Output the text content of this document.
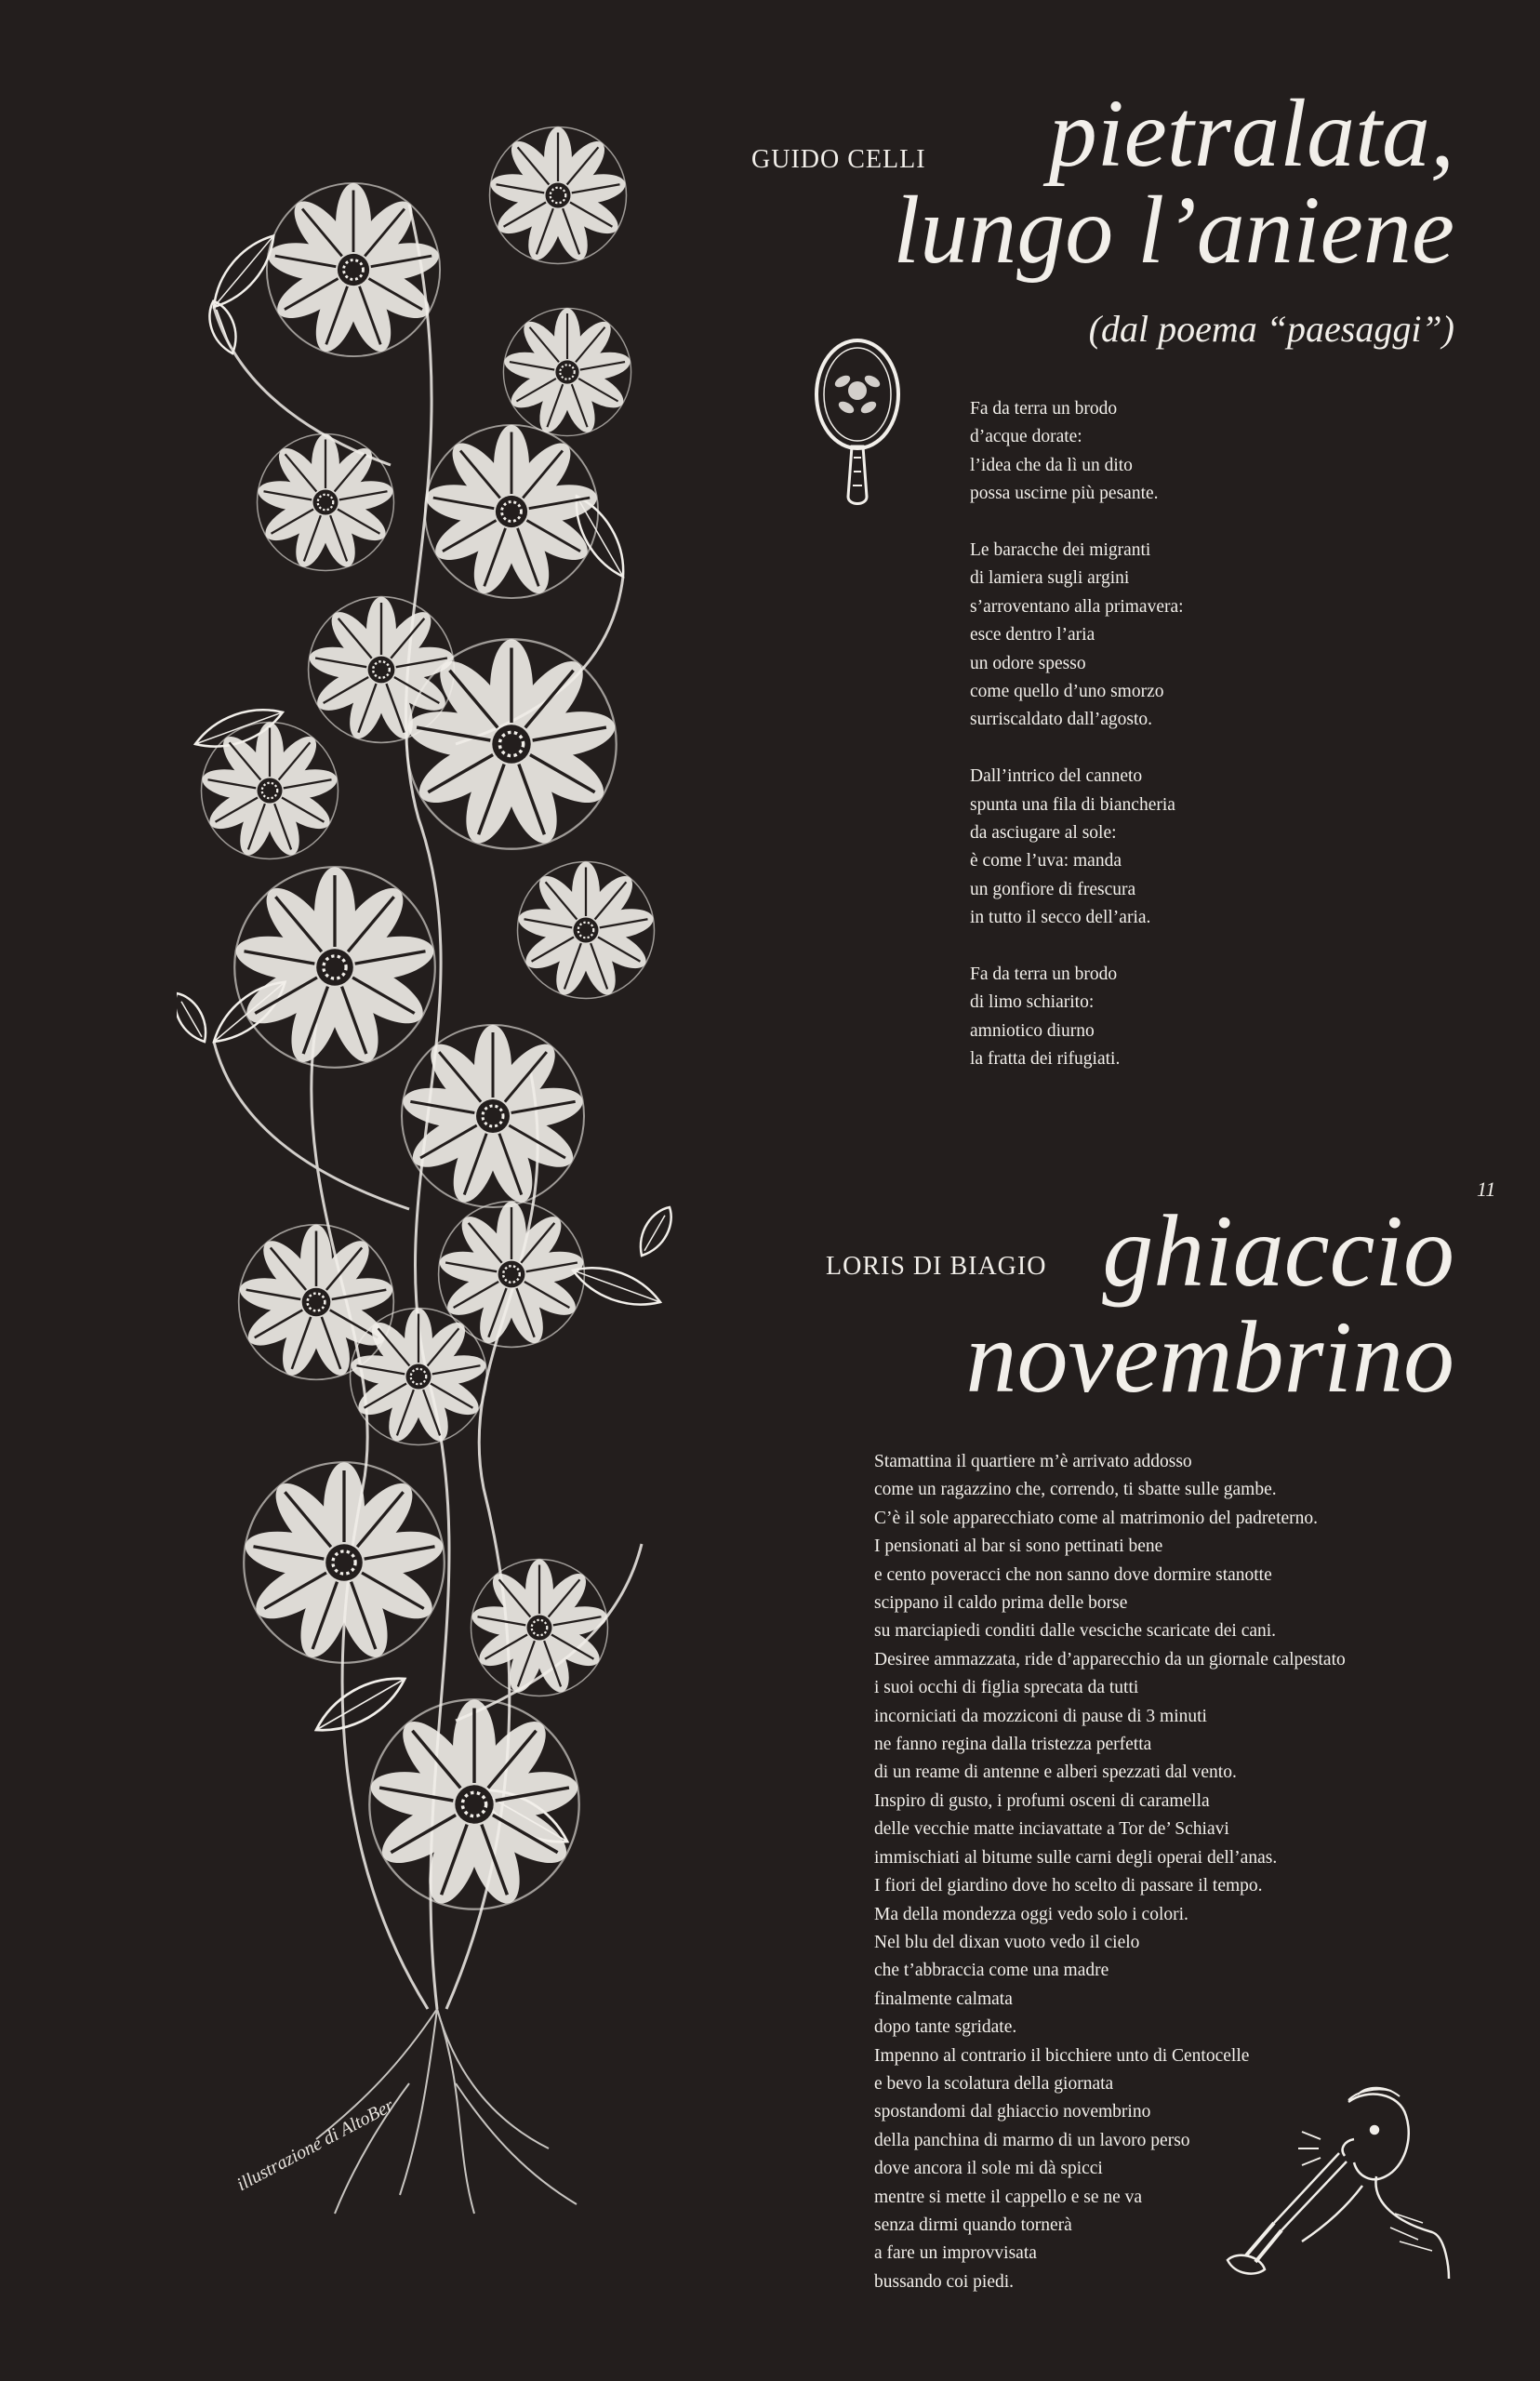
illustrazione di AltoBer
GUIDO CELLI	pietralata,
lungo l’aniene
(dal poema “paesaggi”)
Fa da terra un brodo
d’acque dorate:
l’idea che da lì un dito
possa uscirne più pesante.
Le baracche dei migranti
di lamiera sugli argini
s’arroventano alla primavera:
esce dentro l’aria
un odore spesso
come quello d’uno smorzo
surriscaldato dall’agosto.
Dall’intrico del canneto
spunta una fila di biancheria
da asciugare al sole:
è come l’uva: manda
un gonfiore di frescura
in tutto il secco dell’aria.
Fa da terra un brodo
di limo schiarito:
amniotico diurno
la fratta dei rifugiati.
11
LORIS DI BIAGIO ghiaccio
novembrino
Stamattina il quartiere m’è arrivato addosso
come un ragazzino che, correndo, ti sbatte sulle gambe.
C’è il sole apparecchiato come al matrimonio del padreterno.
I pensionati al bar si sono pettinati bene
e cento poveracci che non sanno dove dormire stanotte
scippano il caldo prima delle borse
su marciapiedi conditi dalle vesciche scaricate dei cani.
Desiree ammazzata, ride d’apparecchio da un giornale calpestato
i suoi occhi di figlia sprecata da tutti
incorniciati da mozziconi di pause di 3 minuti
ne fanno regina dalla tristezza perfetta
di un reame di antenne e alberi spezzati dal vento.
Inspiro di gusto, i profumi osceni di caramella
delle vecchie matte inciavattate a Tor de’ Schiavi
immischiati al bitume sulle carni degli operai dell’anas.
I fiori del giardino dove ho scelto di passare il tempo.
Ma della mondezza oggi vedo solo i colori.
Nel blu del dixan vuoto vedo il cielo
che t’abbraccia come una madre
finalmente calmata
dopo tante sgridate.
Impenno al contrario il bicchiere unto di Centocelle
e bevo la scolatura della giornata
spostandomi dal ghiaccio novembrino
della panchina di marmo di un lavoro perso
dove ancora il sole mi dà spicci
mentre si mette il cappello e se ne va
senza dirmi quando tornerà
a fare un improvvisata
bussando coi piedi.
